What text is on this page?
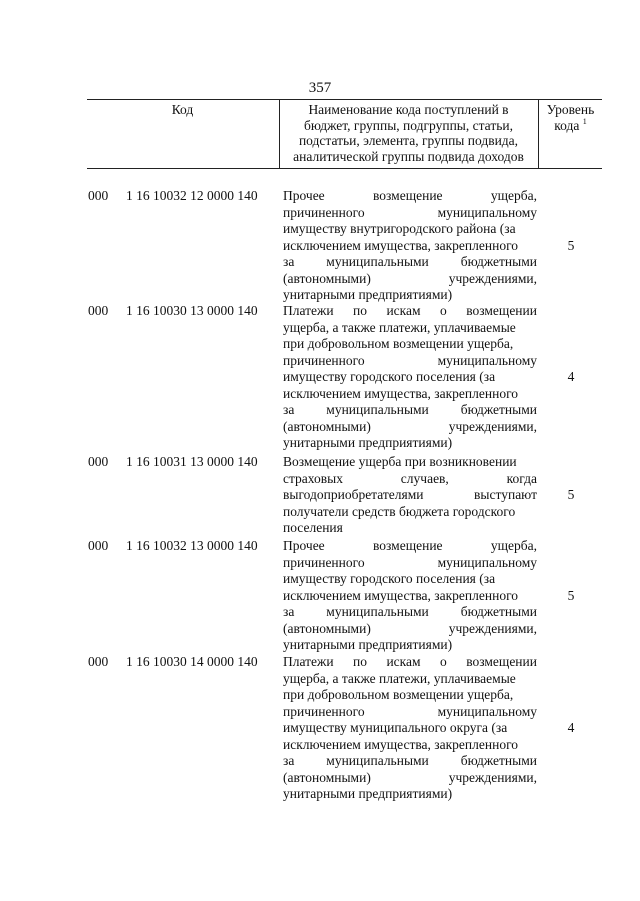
357
Код	Наименование кода поступлений в
бюджет, группы, подгруппы, статьи,
подстатьи, элемента, группы подвида,
аналитической группы подвида доходов
Уровень
кода $^1$
000 1 16 10032 12 0000 140 Прочее возмещение ущерба,
причиненного муниципальному
имуществу внутригородского района (за
исключением имущества, закрепленного
за муниципальными бюджетными
(автономными) учреждениями,
унитарными предприятиями)
5
000 1 16 10030 13 0000 140 Платежи по искам о возмещении
ущерба, а также платежи, уплачиваемые
при добровольном возмещении ущерба,
причиненного муниципальному
имуществу городского поселения (за
исключением имущества, закрепленного
за муниципальными бюджетными
(автономными) учреждениями,
унитарными предприятиями)
4
000 1 16 10031 13 0000 140 Возмещение ущерба при возникновении
страховых случаев, когда
выгодоприобретателями выступают
получатели средств бюджета городского
поселения
5
000 1 16 10032 13 0000 140 Прочее возмещение ущерба,
причиненного муниципальному
имуществу городского поселения (за
исключением имущества, закрепленного
за муниципальными бюджетными
(автономными) учреждениями,
унитарными предприятиями)
5
000 1 16 10030 14 0000 140 Платежи по искам о возмещении
ущерба, а также платежи, уплачиваемые
при добровольном возмещении ущерба,
причиненного муниципальному
имуществу муниципального округа (за
исключением имущества, закрепленного
за муниципальными бюджетными
(автономными) учреждениями,
унитарными предприятиями)
4
